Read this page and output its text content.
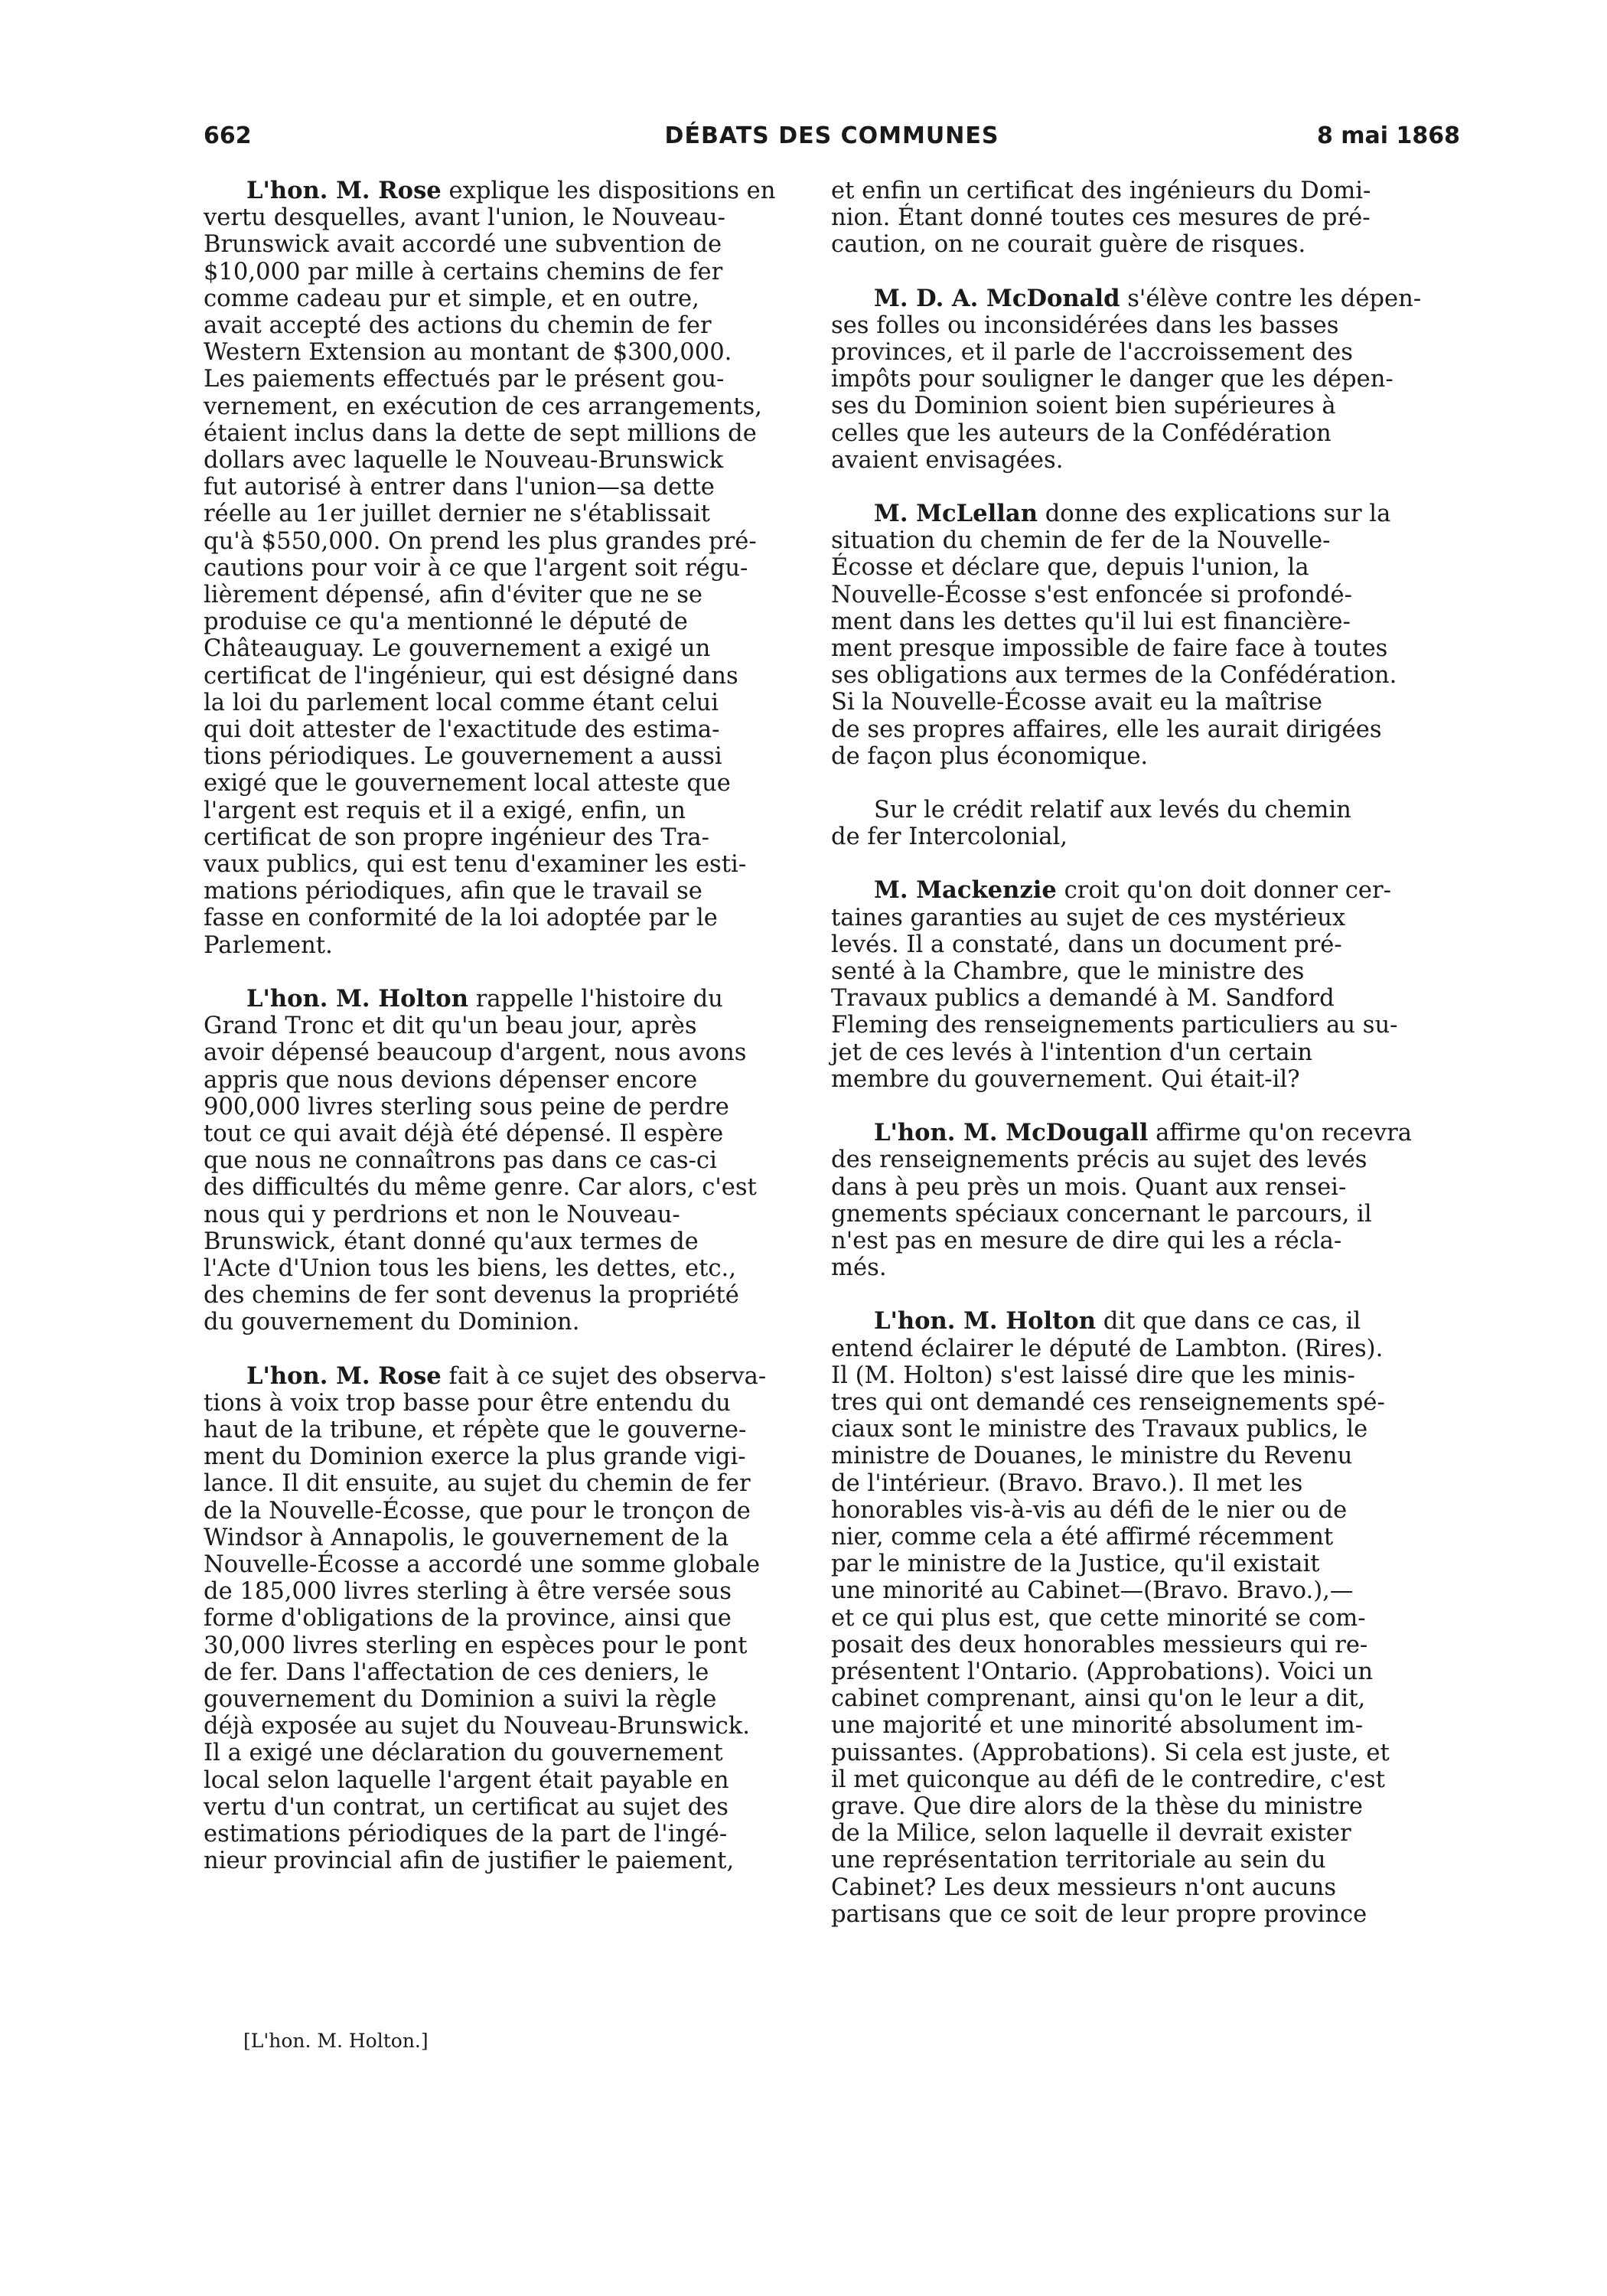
662	DÉBATS DES COMMUNES	8 mai 1868
L'hon. M. Rose explique les dispositions en
vertu desquelles, avant l'union, le Nouveau-
Brunswick avait accordé une subvention de
$10,000 par mille à certains chemins de fer
comme cadeau pur et simple, et en outre,
avait accepté des actions du chemin de fer
Western Extension au montant de $300,000.
Les paiements effectués par le présent gou-
vernement, en exécution de ces arrangements,
étaient inclus dans la dette de sept millions de
dollars avec laquelle le Nouveau-Brunswick
fut autorisé à entrer dans l'union—sa dette
réelle au 1er juillet dernier ne s'établissait
qu'à $550,000. On prend les plus grandes pré-
cautions pour voir à ce que l'argent soit régu-
lièrement dépensé, afin d'éviter que ne se
produise ce qu'a mentionné le député de
Châteauguay. Le gouvernement a exigé un
certificat de l'ingénieur, qui est désigné dans
la loi du parlement local comme étant celui
qui doit attester de l'exactitude des estima-
tions périodiques. Le gouvernement a aussi
exigé que le gouvernement local atteste que
l'argent est requis et il a exigé, enfin, un
certificat de son propre ingénieur des Tra-
vaux publics, qui est tenu d'examiner les esti-
mations périodiques, afin que le travail se
fasse en conformité de la loi adoptée par le
Parlement.
L'hon. M. Holton rappelle l'histoire du
Grand Tronc et dit qu'un beau jour, après
avoir dépensé beaucoup d'argent, nous avons
appris que nous devions dépenser encore
900,000 livres sterling sous peine de perdre
tout ce qui avait déjà été dépensé. Il espère
que nous ne connaîtrons pas dans ce cas-ci
des difficultés du même genre. Car alors, c'est
nous qui y perdrions et non le Nouveau-
Brunswick, étant donné qu'aux termes de
l'Acte d'Union tous les biens, les dettes, etc.,
des chemins de fer sont devenus la propriété
du gouvernement du Dominion.
L'hon. M. Rose fait à ce sujet des observa-
tions à voix trop basse pour être entendu du
haut de la tribune, et répète que le gouverne-
ment du Dominion exerce la plus grande vigi-
lance. Il dit ensuite, au sujet du chemin de fer
de la Nouvelle-Écosse, que pour le tronçon de
Windsor à Annapolis, le gouvernement de la
Nouvelle-Écosse a accordé une somme globale
de 185,000 livres sterling à être versée sous
forme d'obligations de la province, ainsi que
30,000 livres sterling en espèces pour le pont
de fer. Dans l'affectation de ces deniers, le
gouvernement du Dominion a suivi la règle
déjà exposée au sujet du Nouveau-Brunswick.
Il a exigé une déclaration du gouvernement
local selon laquelle l'argent était payable en
vertu d'un contrat, un certificat au sujet des
estimations périodiques de la part de l'ingé-
nieur provincial afin de justifier le paiement,
et enfin un certificat des ingénieurs du Domi-
nion. Étant donné toutes ces mesures de pré-
caution, on ne courait guère de risques.
M. D. A. McDonald s'élève contre les dépen-
ses folles ou inconsidérées dans les basses
provinces, et il parle de l'accroissement des
impôts pour souligner le danger que les dépen-
ses du Dominion soient bien supérieures à
celles que les auteurs de la Confédération
avaient envisagées.
M. McLellan donne des explications sur la
situation du chemin de fer de la Nouvelle-
Écosse et déclare que, depuis l'union, la
Nouvelle-Écosse s'est enfoncée si profondé-
ment dans les dettes qu'il lui est financière-
ment presque impossible de faire face à toutes
ses obligations aux termes de la Confédération.
Si la Nouvelle-Écosse avait eu la maîtrise
de ses propres affaires, elle les aurait dirigées
de façon plus économique.
Sur le crédit relatif aux levés du chemin
de fer Intercolonial,
M. Mackenzie croit qu'on doit donner cer-
taines garanties au sujet de ces mystérieux
levés. Il a constaté, dans un document pré-
senté à la Chambre, que le ministre des
Travaux publics a demandé à M. Sandford
Fleming des renseignements particuliers au su-
jet de ces levés à l'intention d'un certain
membre du gouvernement. Qui était-il?
L'hon. M. McDougall affirme qu'on recevra
des renseignements précis au sujet des levés
dans à peu près un mois. Quant aux rensei-
gnements spéciaux concernant le parcours, il
n'est pas en mesure de dire qui les a récla-
més.
L'hon. M. Holton dit que dans ce cas, il
entend éclairer le député de Lambton. (Rires).
Il (M. Holton) s'est laissé dire que les minis-
tres qui ont demandé ces renseignements spé-
ciaux sont le ministre des Travaux publics, le
ministre de Douanes, le ministre du Revenu
de l'intérieur. (Bravo. Bravo.). Il met les
honorables vis-à-vis au défi de le nier ou de
nier, comme cela a été affirmé récemment
par le ministre de la Justice, qu'il existait
une minorité au Cabinet—(Bravo. Bravo.),—
et ce qui plus est, que cette minorité se com-
posait des deux honorables messieurs qui re-
présentent l'Ontario. (Approbations). Voici un
cabinet comprenant, ainsi qu'on le leur a dit,
une majorité et une minorité absolument im-
puissantes. (Approbations). Si cela est juste, et
il met quiconque au défi de le contredire, c'est
grave. Que dire alors de la thèse du ministre
de la Milice, selon laquelle il devrait exister
une représentation territoriale au sein du
Cabinet? Les deux messieurs n'ont aucuns
partisans que ce soit de leur propre province
[L'hon. M. Holton.]
